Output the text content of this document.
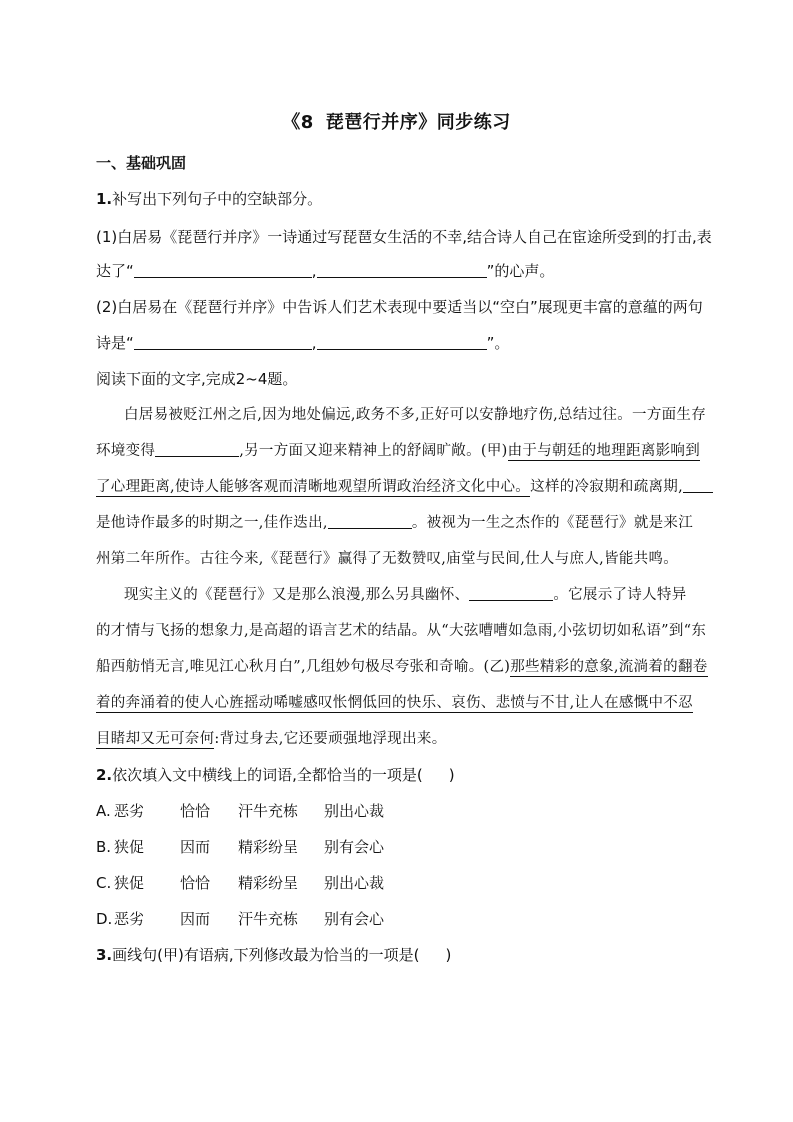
《8 琵琶行并序》同步练习
一、基础巩固
1.补写出下列句子中的空缺部分。
(1)白居易《琵琶行并序》一诗通过写琵琶女生活的不幸,结合诗人自己在宦途所受到的打击,表
达了“	,	”的心声。
(2)白居易在《琵琶行并序》中告诉人们艺术表现中要适当以“空白”展现更丰富的意蕴的两句
诗是“	,	”。
阅读下面的文字,完成2~4题。
白居易被贬江州之后,因为地处偏远,政务不多,正好可以安静地疗伤,总结过往。一方面生存
环境变得	,另一方面又迎来精神上的舒阔旷敞。(甲)由于与朝廷的地理距离影响到
了心理距离,使诗人能够客观而清晰地观望所谓政治经济文化中心。这样的冷寂期和疏离期,
是他诗作最多的时期之一,佳作迭出,	。被视为一生之杰作的《琵琶行》就是来江
州第二年所作。古往今来,《琵琶行》赢得了无数赞叹,庙堂与民间,仕人与庶人,皆能共鸣。
现实主义的《琵琶行》又是那么浪漫,那么另具幽怀、	。它展示了诗人特异
的才情与飞扬的想象力,是高超的语言艺术的结晶。从“大弦嘈嘈如急雨,小弦切切如私语”到“东
船西舫悄无言,唯见江心秋月白”,几组妙句极尽夸张和奇喻。(乙)那些精彩的意象,流淌着的翻卷
着的奔涌着的使人心旌摇动唏嘘感叹怅惘低回的快乐、哀伤、悲愤与不甘,让人在感慨中不忍
目睹却又无可奈何:背过身去,它还要顽强地浮现出来。
2.依次填入文中横线上的词语,全都恰当的一项是( )
A. 恶劣 恰恰 汗牛充栋 别出心裁
B. 狭促 因而 精彩纷呈 别有会心
C. 狭促 恰恰 精彩纷呈 别出心裁
D. 恶劣 因而 汗牛充栋 别有会心
3.画线句(甲)有语病,下列修改最为恰当的一项是( )
